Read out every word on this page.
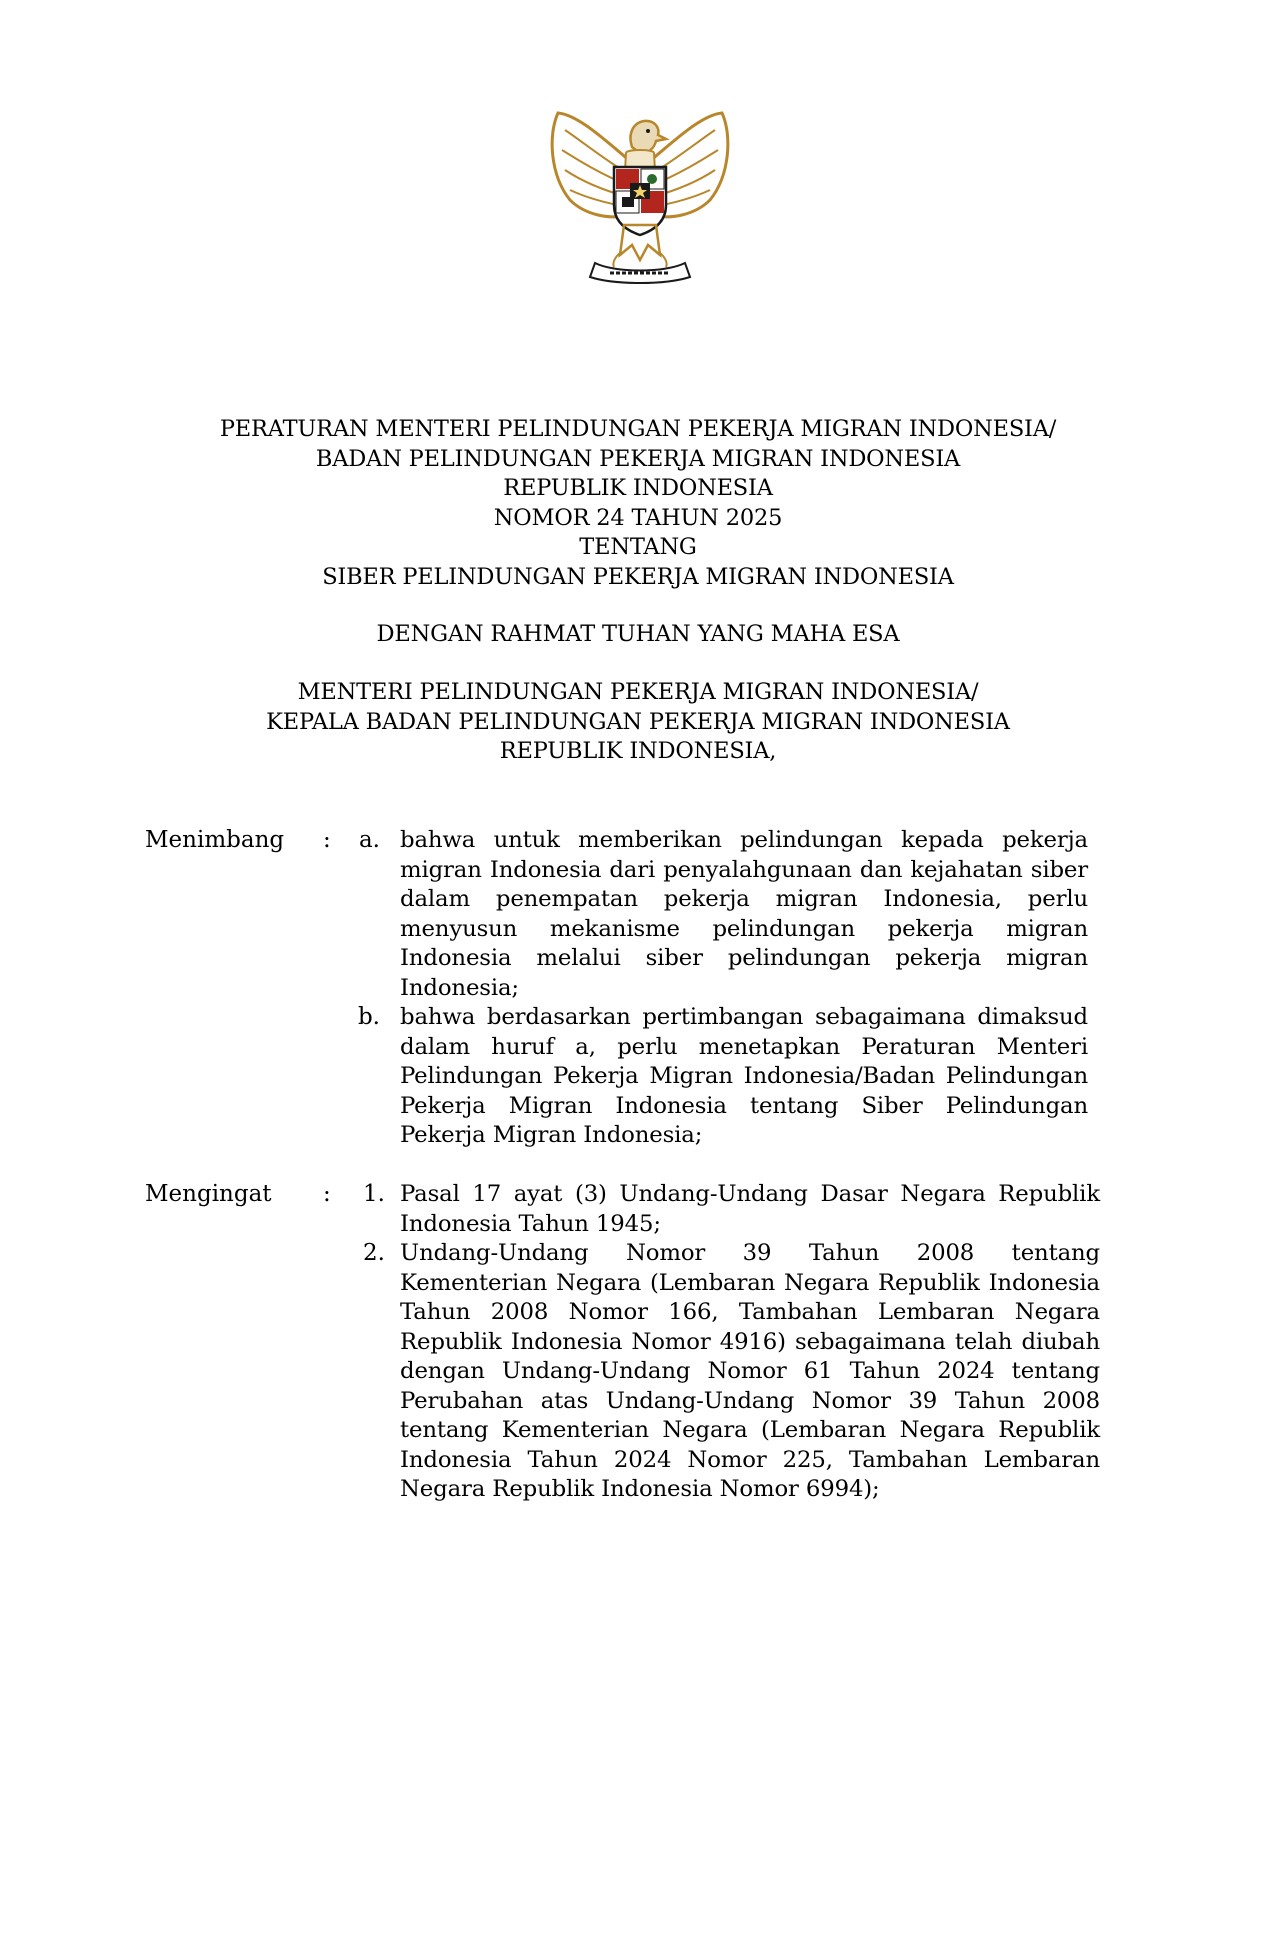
PERATURAN MENTERI PELINDUNGAN PEKERJA MIGRAN INDONESIA/
BADAN PELINDUNGAN PEKERJA MIGRAN INDONESIA
REPUBLIK INDONESIA
NOMOR 24 TAHUN 2025
TENTANG
SIBER PELINDUNGAN PEKERJA MIGRAN INDONESIA
DENGAN RAHMAT TUHAN YANG MAHA ESA
MENTERI PELINDUNGAN PEKERJA MIGRAN INDONESIA/
KEPALA BADAN PELINDUNGAN PEKERJA MIGRAN INDONESIA
REPUBLIK INDONESIA,
Menimbang :	a. bahwa untuk memberikan pelindungan kepada pekerja migran Indonesia dari penyalahgunaan dan kejahatan siber dalam penempatan pekerja migran Indonesia, perlu menyusun mekanisme pelindungan pekerja migran Indonesia melalui siber pelindungan pekerja migran Indonesia;
b. bahwa berdasarkan pertimbangan sebagaimana dimaksud dalam huruf a, perlu menetapkan Peraturan Menteri Pelindungan Pekerja Migran Indonesia/Badan Pelindungan Pekerja Migran Indonesia tentang Siber Pelindungan Pekerja Migran Indonesia;
Mengingat :	1. Pasal 17 ayat (3) Undang-Undang Dasar Negara Republik Indonesia Tahun 1945;
2. Undang-Undang Nomor 39 Tahun 2008 tentang Kementerian Negara (Lembaran Negara Republik Indonesia Tahun 2008 Nomor 166, Tambahan Lembaran Negara Republik Indonesia Nomor 4916) sebagaimana telah diubah dengan Undang-Undang Nomor 61 Tahun 2024 tentang Perubahan atas Undang-Undang Nomor 39 Tahun 2008 tentang Kementerian Negara (Lembaran Negara Republik Indonesia Tahun 2024 Nomor 225, Tambahan Lembaran Negara Republik Indonesia Nomor 6994);
